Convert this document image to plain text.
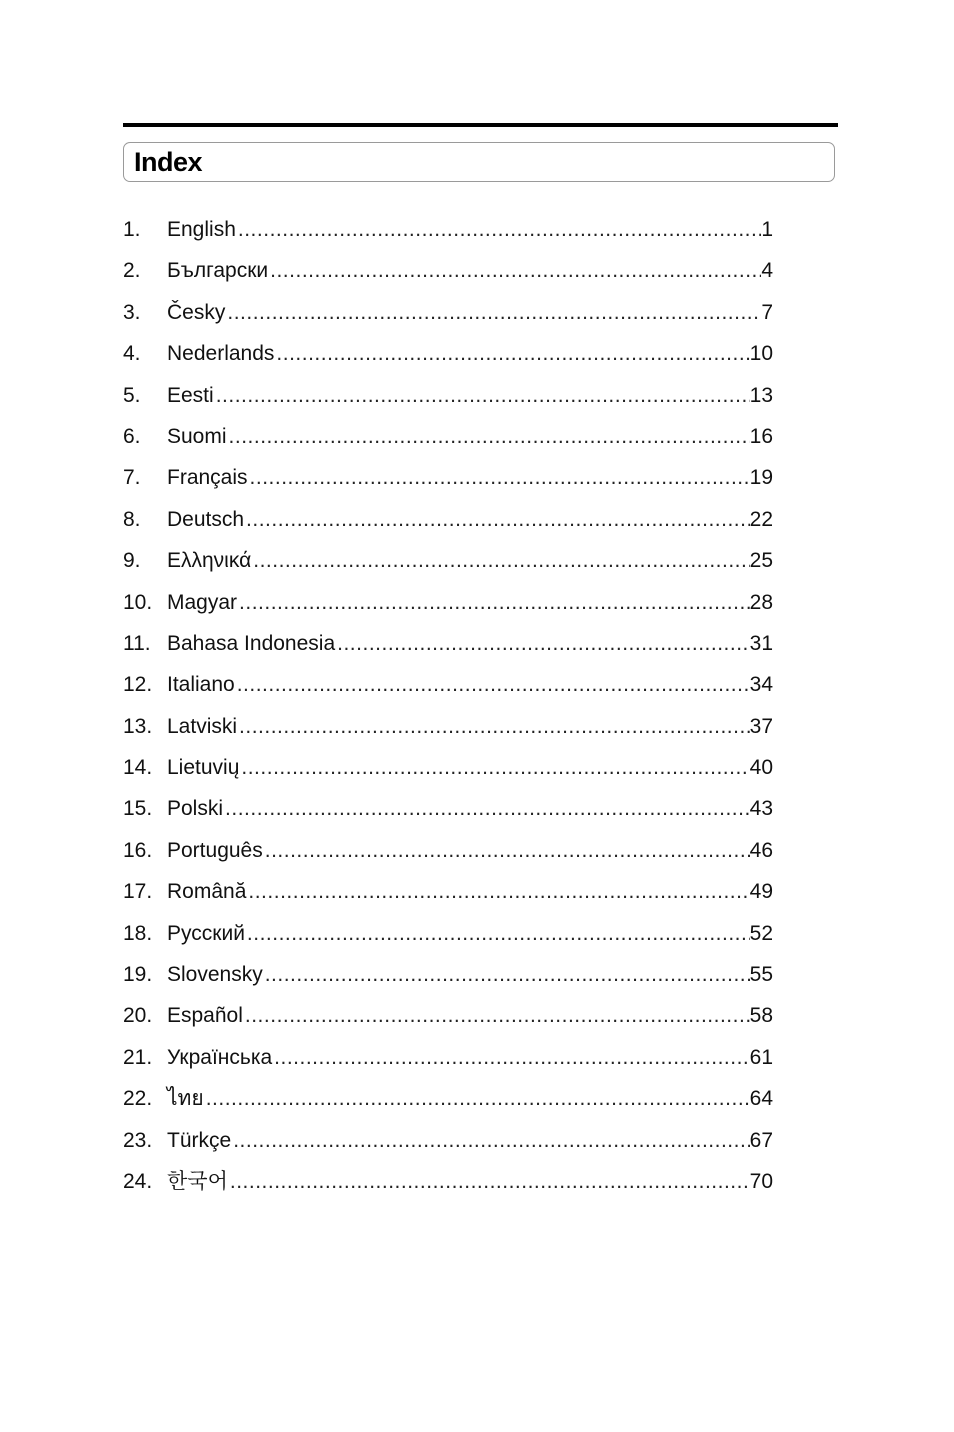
Index
1.	English .....	1
2.	Български .....	4
3.	Česky .....	7
4.	Nederlands .....	10
5.	Eesti .....	13
6.	Suomi .....	16
7.	Français .....	19
8.	Deutsch .....	22
9.	Ελληνικά .....	25
10. Magyar .....	28
11. Bahasa Indonesia .....	31
12. Italiano .....	34
13. Latviski .....	37
14. Lietuvių .....	40
15. Polski .....	43
16. Português .....	46
17. Română .....	49
18. Русский .....	52
19. Slovensky .....	55
20. Español .....	58
21. Українська .....	61
22. ไทย .....	64
23. Türkçe .....	67
24. 한국어 .....	70
